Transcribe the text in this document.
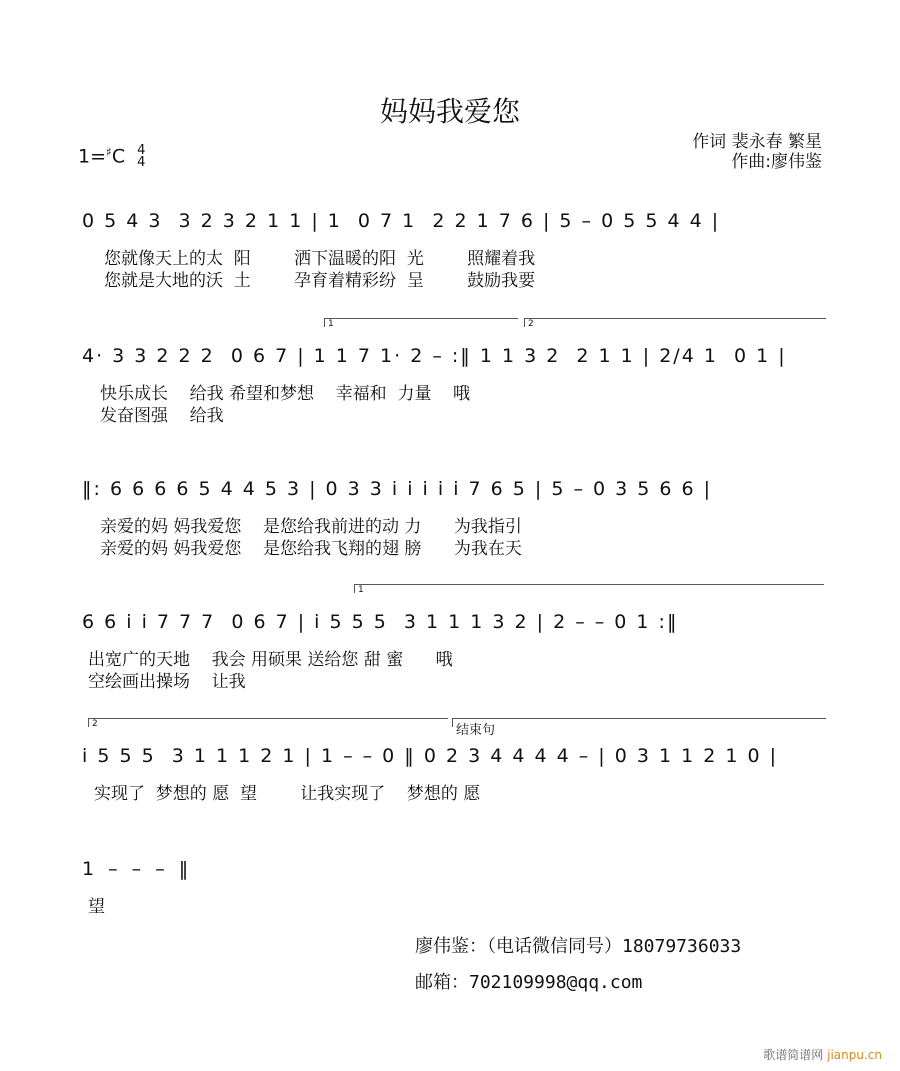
妈妈我爱您
1=♯C 4
4
作词 裴永春 繁星
作曲:廖伟鉴
0 5 4 3  3 2 3 2 1 1 | 1  0 7 1  2 2 1 7 6 | 5 – 0 5 5 4 4 |
您就像天上的太  阳        洒下温暖的阳  光        照耀着我
您就是大地的沃  土        孕育着精彩纷  呈        鼓励我要
1	2
4· 3 3 2 2 2  0 6 7 | 1 1 7 1· 2 – :‖ 1 1 3 2  2 1 1 | 2/4 1  0 1 |
快乐成长    给我 希望和梦想    幸福和  力量    哦
发奋图强    给我
‖: 6 6 6 6 5 4 4 5 3 | 0 3 3 i i i i i 7 6 5 | 5 – 0 3 5 6 6 |
亲爱的妈 妈我爱您    是您给我前进的动 力      为我指引
亲爱的妈 妈我爱您    是您给我飞翔的翅 膀      为我在天
1
6 6 i i 7 7 7  0 6 7 | i 5 5 5  3 1 1 1 3 2 | 2 – – 0 1 :‖
出宽广的天地    我会 用硕果 送给您 甜 蜜      哦
空绘画出操场    让我
2	结束句
i 5 5 5  3 1 1 1 2 1 | 1 – – 0 ‖ 0 2 3 4 4 4 4 – | 0 3 1 1 2 1 0 |
实现了  梦想的 愿  望        让我实现了    梦想的 愿
1 – – – ‖
望
廖伟鉴：（电话微信同号）18079736033
邮箱：702109998@qq.com
歌谱简谱网 jianpu.cn
